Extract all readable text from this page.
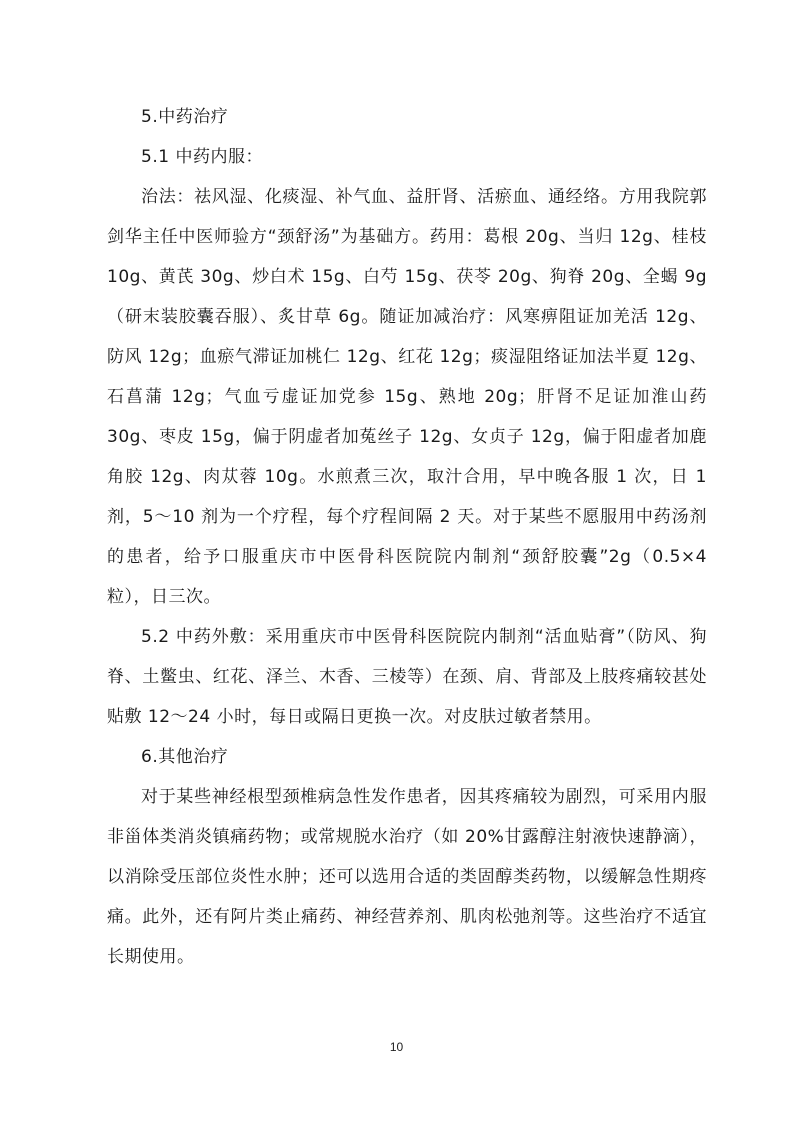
5.中药治疗

5.1 中药内服：

治法：祛风湿、化痰湿、补气血、益肝肾、活瘀血、通经络。方用我院郭剑华主任中医师验方“颈舒汤”为基础方。药用：葛根 20g、当归 12g、桂枝 10g、黄芪 30g、炒白术 15g、白芍 15g、茯苓 20g、狗脊 20g、全蝎 9g（研末装胶囊吞服）、炙甘草 6g。随证加减治疗：风寒痹阻证加羌活 12g、防风 12g；血瘀气滞证加桃仁 12g、红花 12g；痰湿阻络证加法半夏 12g、石菖蒲 12g；气血亏虚证加党参 15g、熟地 20g；肝肾不足证加淮山药 30g、枣皮 15g，偏于阴虚者加菟丝子 12g、女贞子 12g，偏于阳虚者加鹿角胶 12g、肉苁蓉 10g。水煎煮三次，取汁合用，早中晚各服 1 次，日 1 剂，5～10 剂为一个疗程，每个疗程间隔 2 天。对于某些不愿服用中药汤剂的患者，给予口服重庆市中医骨科医院院内制剂“颈舒胶囊”2g（0.5×4 粒），日三次。

5.2 中药外敷：采用重庆市中医骨科医院院内制剂“活血贴膏”（防风、狗脊、土鳖虫、红花、泽兰、木香、三棱等）在颈、肩、背部及上肢疼痛较甚处贴敷 12～24 小时，每日或隔日更换一次。对皮肤过敏者禁用。

6.其他治疗

对于某些神经根型颈椎病急性发作患者，因其疼痛较为剧烈，可采用内服非甾体类消炎镇痛药物；或常规脱水治疗（如 20%甘露醇注射液快速静滴），以消除受压部位炎性水肿；还可以选用合适的类固醇类药物，以缓解急性期疼痛。此外，还有阿片类止痛药、神经营养剂、肌肉松弛剂等。这些治疗不适宜长期使用。

10
